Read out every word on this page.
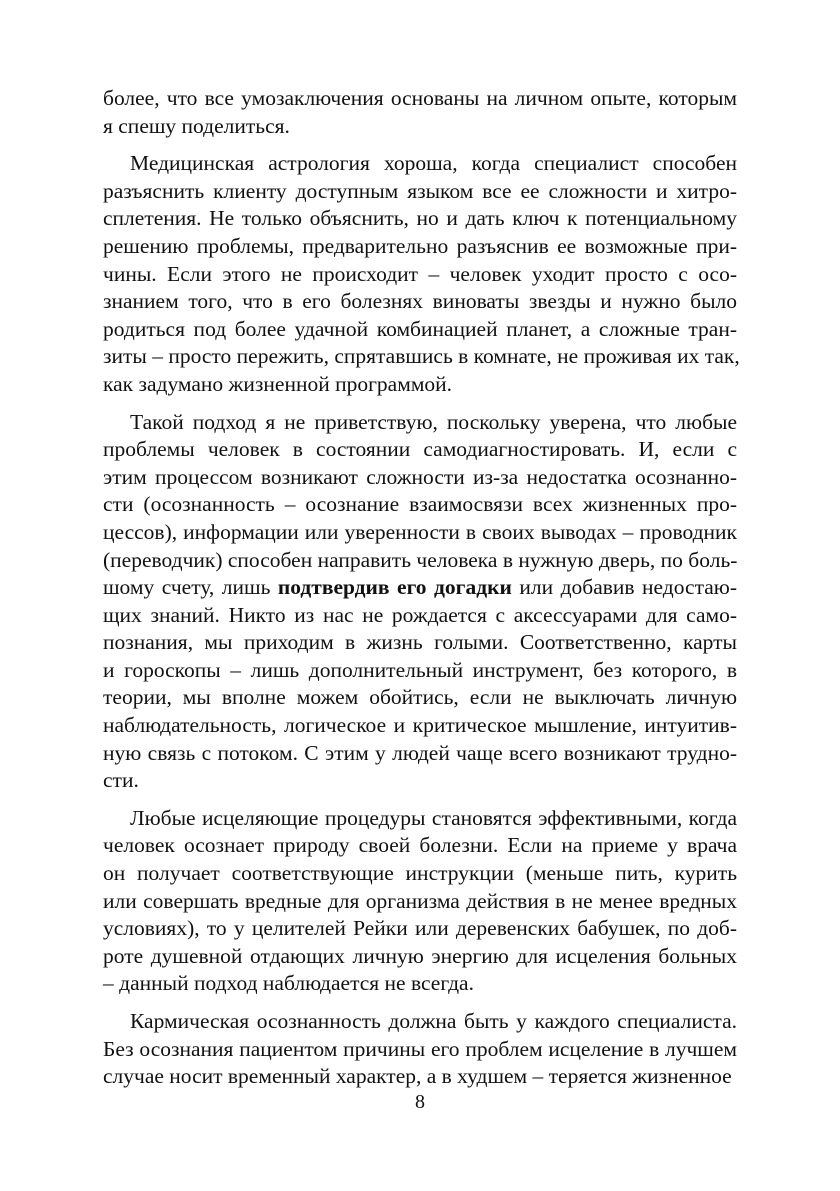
более, что все умозаключения основаны на личном опыте, которым
я спешу поделиться.
Медицинская астрология хороша, когда специалист способен
разъяснить клиенту доступным языком все ее сложности и хитро-
сплетения. Не только объяснить, но и дать ключ к потенциальному
решению проблемы, предварительно разъяснив ее возможные при-
чины. Если этого не происходит – человек уходит просто с осо-
знанием того, что в его болезнях виноваты звезды и нужно было
родиться под более удачной комбинацией планет, а сложные тран-
зиты – просто пережить, спрятавшись в комнате, не проживая их так,
как задумано жизненной программой.
Такой подход я не приветствую, поскольку уверена, что любые
проблемы человек в состоянии самодиагностировать. И, если с
этим процессом возникают сложности из-за недостатка осознанно-
сти (осознанность – осознание взаимосвязи всех жизненных про-
цессов), информации или уверенности в своих выводах – проводник
(переводчик) способен направить человека в нужную дверь, по боль-
шому счету, лишь подтвердив его догадки или добавив недостаю-
щих знаний. Никто из нас не рождается с аксессуарами для само-
познания, мы приходим в жизнь голыми. Соответственно, карты
и гороскопы – лишь дополнительный инструмент, без которого, в
теории, мы вполне можем обойтись, если не выключать личную
наблюдательность, логическое и критическое мышление, интуитив-
ную связь с потоком. С этим у людей чаще всего возникают трудно-
сти.
Любые исцеляющие процедуры становятся эффективными, когда
человек осознает природу своей болезни. Если на приеме у врача
он получает соответствующие инструкции (меньше пить, курить
или совершать вредные для организма действия в не менее вредных
условиях), то у целителей Рейки или деревенских бабушек, по доб-
роте душевной отдающих личную энергию для исцеления больных
– данный подход наблюдается не всегда.
Кармическая осознанность должна быть у каждого специалиста.
Без осознания пациентом причины его проблем исцеление в лучшем
случае носит временный характер, а в худшем – теряется жизненное
8
